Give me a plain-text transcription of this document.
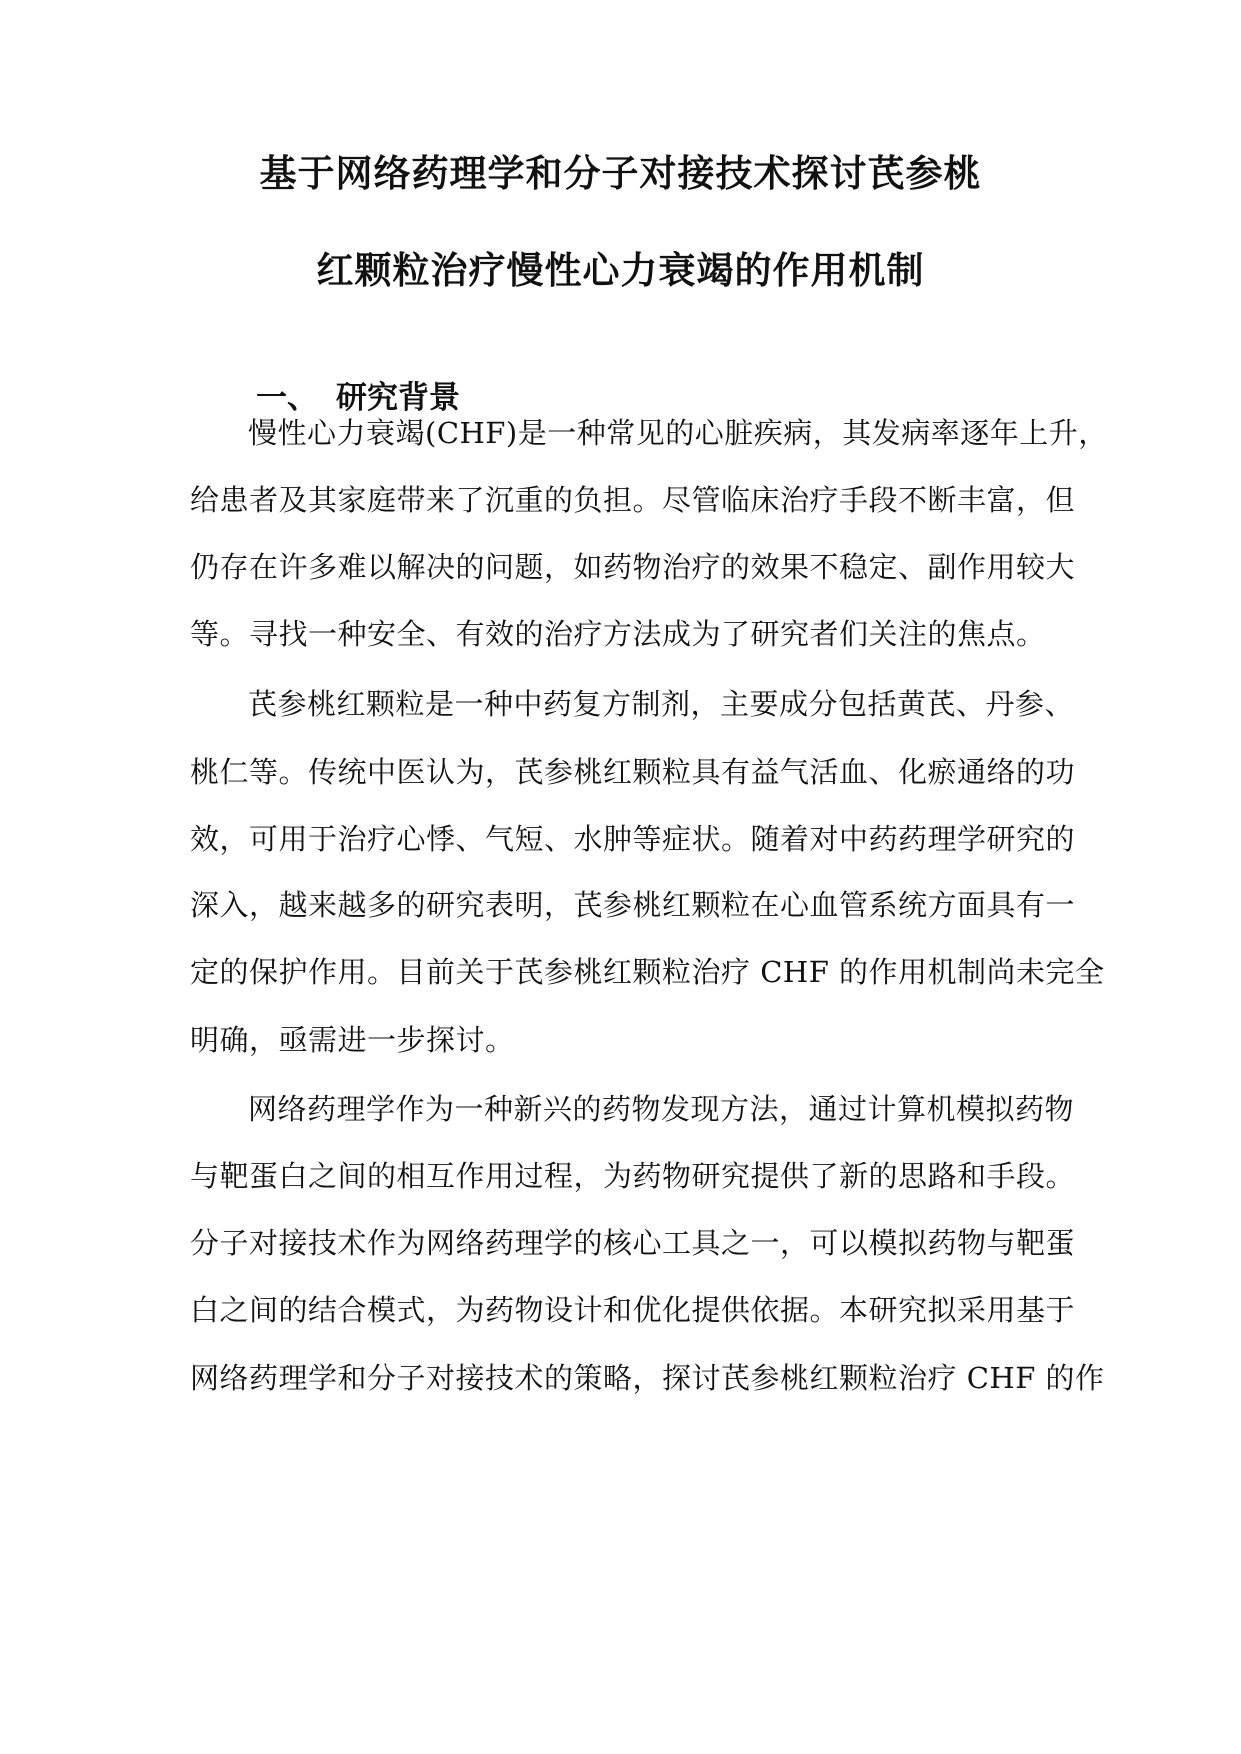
基于网络药理学和分子对接技术探讨芪参桃
红颗粒治疗慢性心力衰竭的作用机制
一、 研究背景
慢性心力衰竭(CHF)是一种常见的心脏疾病，其发病率逐年上升，
给患者及其家庭带来了沉重的负担。尽管临床治疗手段不断丰富，但
仍存在许多难以解决的问题，如药物治疗的效果不稳定、副作用较大
等。寻找一种安全、有效的治疗方法成为了研究者们关注的焦点。
芪参桃红颗粒是一种中药复方制剂，主要成分包括黄芪、丹参、
桃仁等。传统中医认为，芪参桃红颗粒具有益气活血、化瘀通络的功
效，可用于治疗心悸、气短、水肿等症状。随着对中药药理学研究的
深入，越来越多的研究表明，芪参桃红颗粒在心血管系统方面具有一
定的保护作用。目前关于芪参桃红颗粒治疗 CHF 的作用机制尚未完全
明确，亟需进一步探讨。
网络药理学作为一种新兴的药物发现方法，通过计算机模拟药物
与靶蛋白之间的相互作用过程，为药物研究提供了新的思路和手段。
分子对接技术作为网络药理学的核心工具之一，可以模拟药物与靶蛋
白之间的结合模式，为药物设计和优化提供依据。本研究拟采用基于
网络药理学和分子对接技术的策略，探讨芪参桃红颗粒治疗 CHF 的作
